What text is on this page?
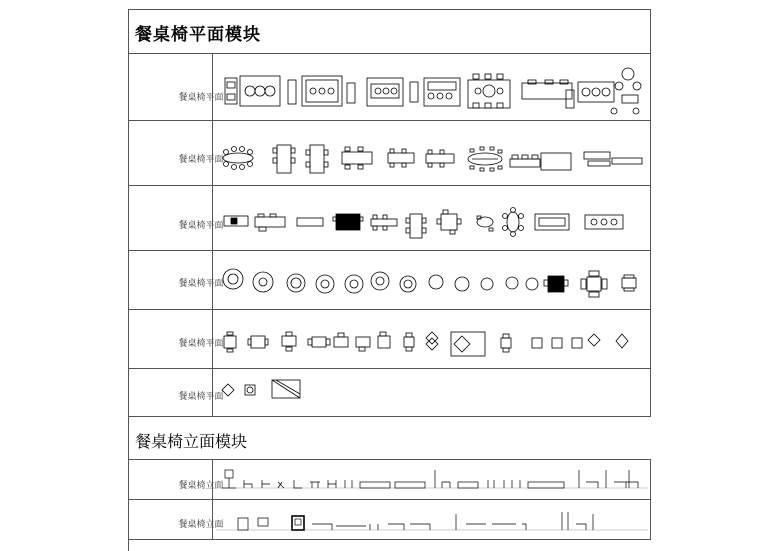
餐桌椅平面模块
餐桌椅立面模块
餐桌椅平面
餐桌椅平面
餐桌椅平面
餐桌椅平面
餐桌椅平面
餐桌椅平面
餐桌椅立面
餐桌椅立面
